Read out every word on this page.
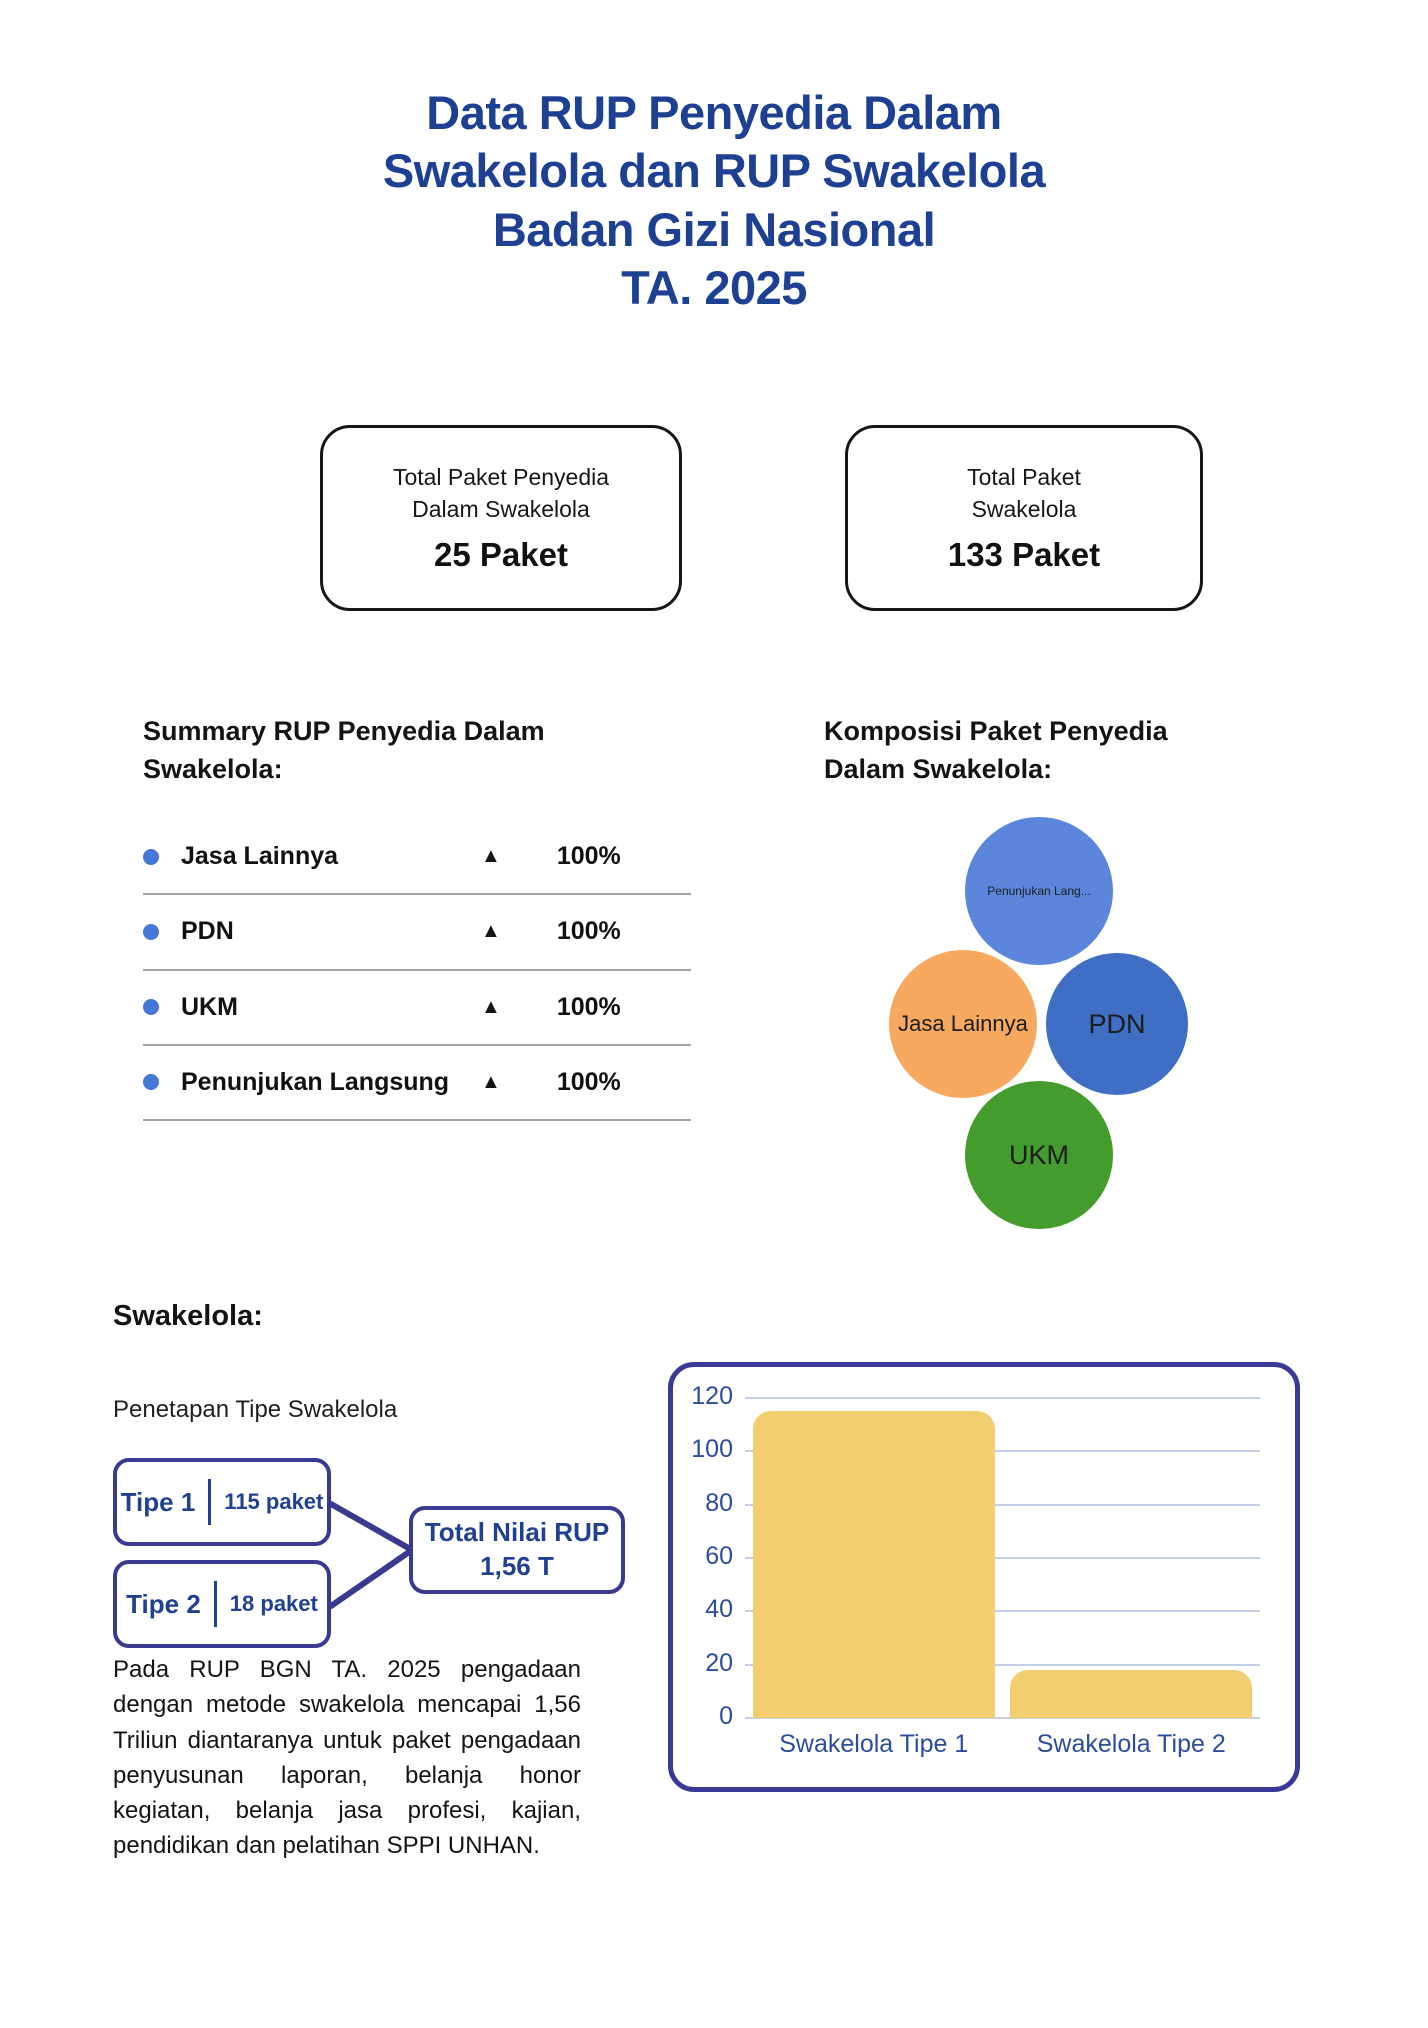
Data RUP Penyedia Dalam
Swakelola dan RUP Swakelola
Badan Gizi Nasional
TA. 2025
Total Paket Penyedia
Dalam Swakelola
25 Paket
Total Paket
Swakelola
133 Paket
Summary RUP Penyedia Dalam Swakelola:
Jasa Lainnya	▲	100%
PDN	▲	100%
UKM	▲	100%
Penunjukan Langsung	▲	100%
Komposisi Paket Penyedia Dalam Swakelola:
Penunjukan Lang...
Jasa Lainnya PDN
UKM
Swakelola:
Penetapan Tipe Swakelola
Tipe 1 115 paket
Tipe 2 18 paket
Total Nilai RUP
1,56 T
Pada RUP BGN TA. 2025 pengadaan dengan metode swakelola mencapai 1,56 Triliun diantaranya untuk paket pengadaan penyusunan laporan, belanja honor kegiatan, belanja jasa profesi, kajian, pendidikan dan pelatihan SPPI UNHAN.
120
100
80
60
40
20
0
Swakelola Tipe 1	Swakelola Tipe 2
